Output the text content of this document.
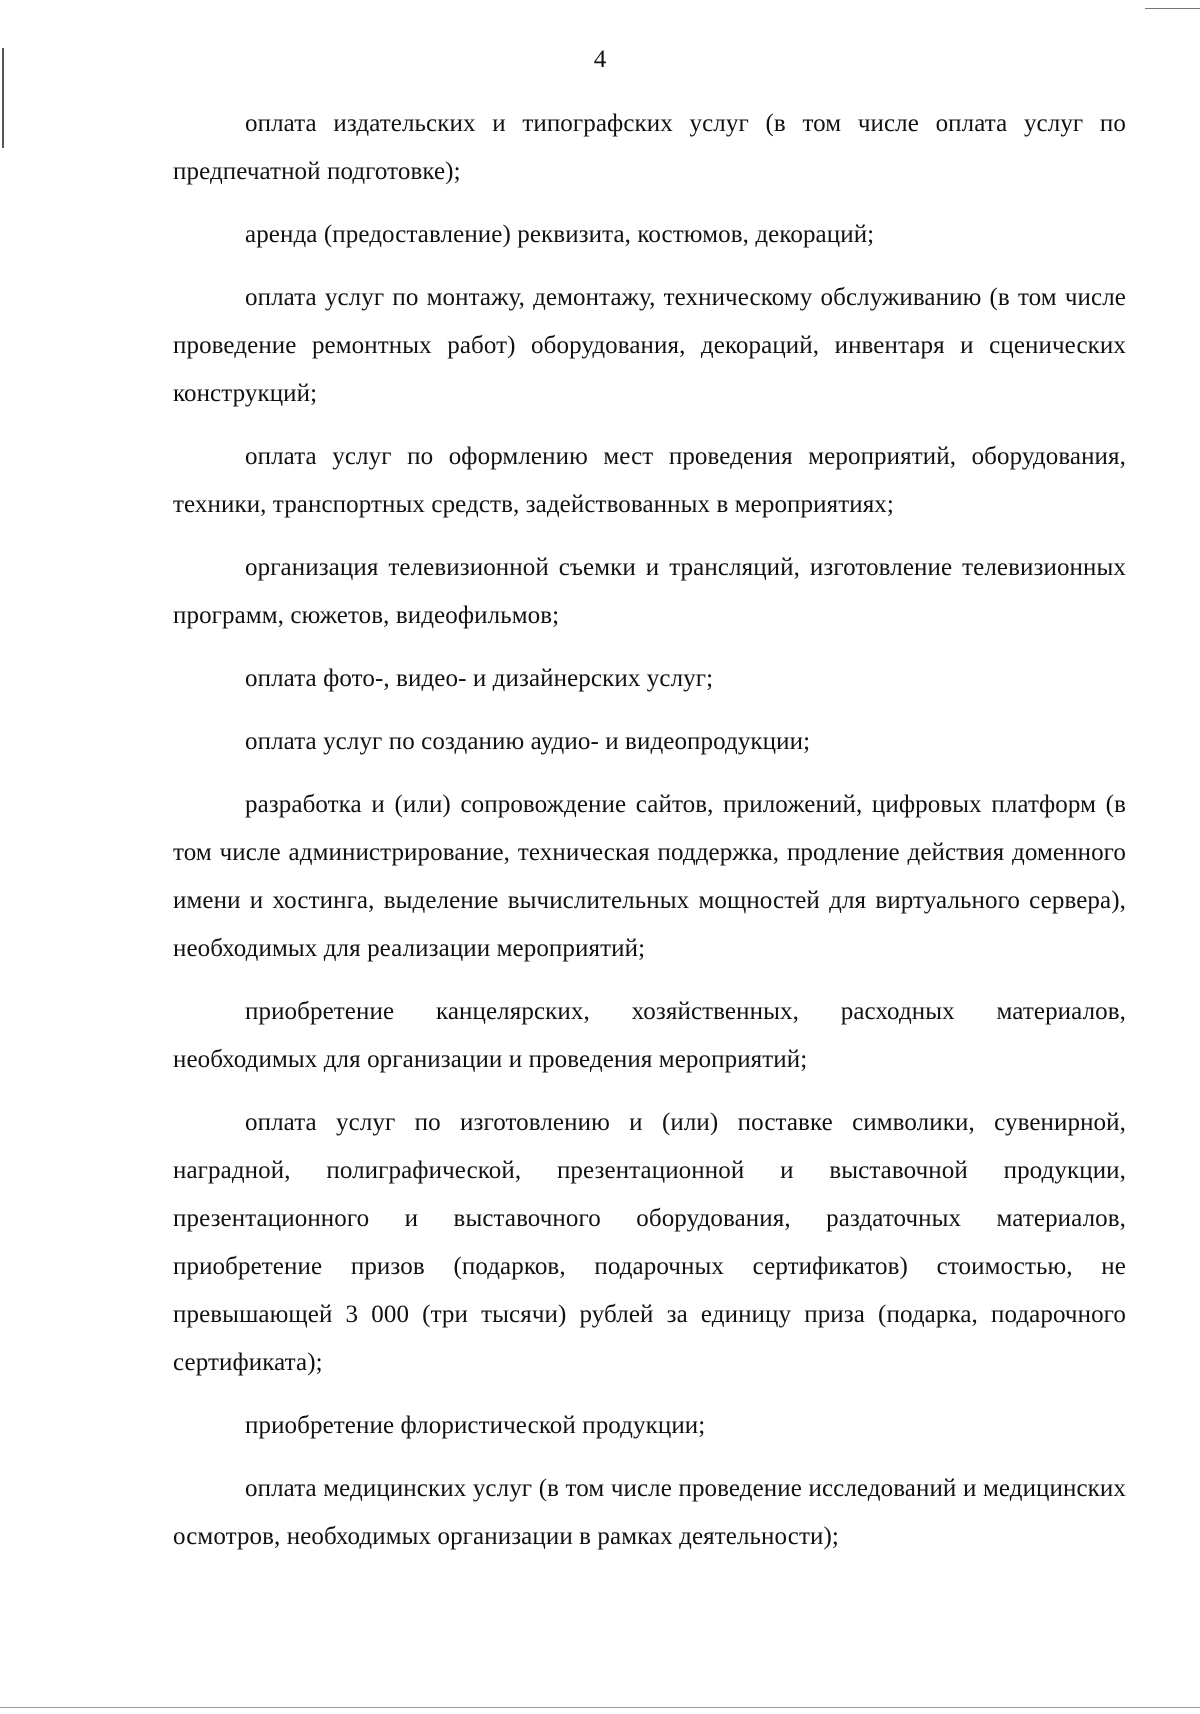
4

оплата издательских и типографских услуг (в том числе оплата услуг по предпечатной подготовке);

аренда (предоставление) реквизита, костюмов, декораций;

оплата услуг по монтажу, демонтажу, техническому обслуживанию (в том числе проведение ремонтных работ) оборудования, декораций, инвентаря и сценических конструкций;

оплата услуг по оформлению мест проведения мероприятий, оборудования, техники, транспортных средств, задействованных в мероприятиях;

организация телевизионной съемки и трансляций, изготовление телевизионных программ, сюжетов, видеофильмов;

оплата фото-, видео- и дизайнерских услуг;

оплата услуг по созданию аудио- и видеопродукции;

разработка и (или) сопровождение сайтов, приложений, цифровых платформ (в том числе администрирование, техническая поддержка, продление действия доменного имени и хостинга, выделение вычислительных мощностей для виртуального сервера), необходимых для реализации мероприятий;

приобретение канцелярских, хозяйственных, расходных материалов, необходимых для организации и проведения мероприятий;

оплата услуг по изготовлению и (или) поставке символики, сувенирной, наградной, полиграфической, презентационной и выставочной продукции, презентационного и выставочного оборудования, раздаточных материалов, приобретение призов (подарков, подарочных сертификатов) стоимостью, не превышающей 3 000 (три тысячи) рублей за единицу приза (подарка, подарочного сертификата);

приобретение флористической продукции;

оплата медицинских услуг (в том числе проведение исследований и медицинских осмотров, необходимых организации в рамках деятельности);
